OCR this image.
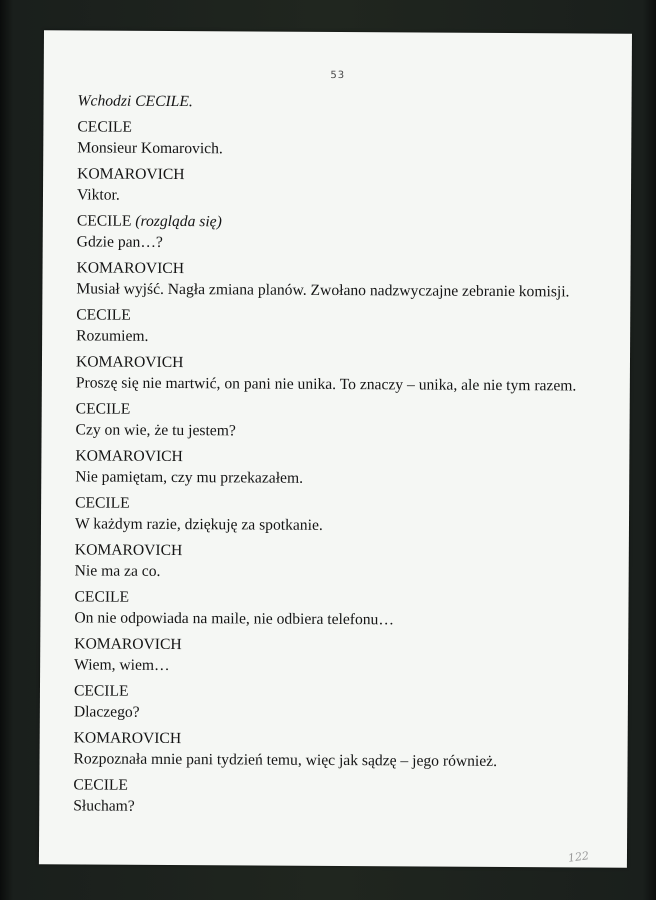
53
Wchodzi CECILE.
CECILE
Monsieur Komarovich.
KOMAROVICH
Viktor.
CECILE (rozgląda się)
Gdzie pan…?
KOMAROVICH
Musiał wyjść. Nagła zmiana planów. Zwołano nadzwyczajne zebranie komisji.
CECILE
Rozumiem.
KOMAROVICH
Proszę się nie martwić, on pani nie unika. To znaczy – unika, ale nie tym razem.
CECILE
Czy on wie, że tu jestem?
KOMAROVICH
Nie pamiętam, czy mu przekazałem.
CECILE
W każdym razie, dziękuję za spotkanie.
KOMAROVICH
Nie ma za co.
CECILE
On nie odpowiada na maile, nie odbiera telefonu…
KOMAROVICH
Wiem, wiem…
CECILE
Dlaczego?
KOMAROVICH
Rozpoznała mnie pani tydzień temu, więc jak sądzę – jego również.
CECILE
Słucham?
122
